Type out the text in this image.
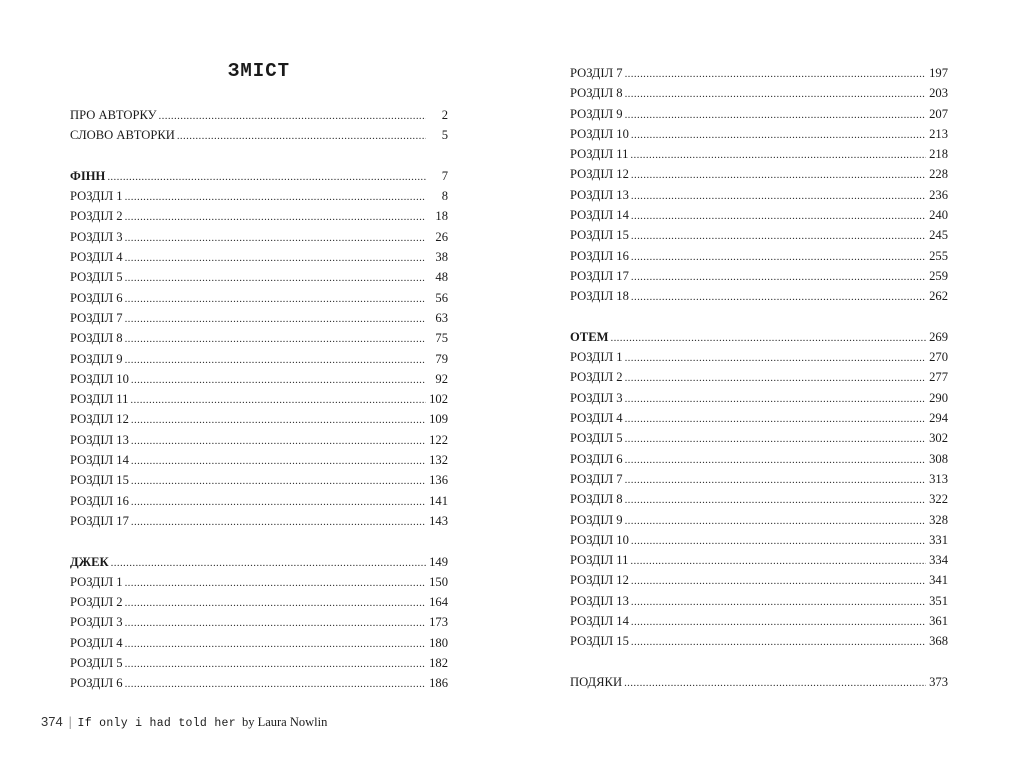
ЗМІСТ
ПРО АВТОРКУ . . .	2
СЛОВО АВТОРКИ . . .	5
ФІНН . . .	7
РОЗДІЛ 1 . . .	8
РОЗДІЛ 2 . . .	18
РОЗДІЛ 3 . . .	26
РОЗДІЛ 4 . . .	38
РОЗДІЛ 5 . . .	48
РОЗДІЛ 6 . . .	56
РОЗДІЛ 7 . . .	63
РОЗДІЛ 8 . . .	75
РОЗДІЛ 9 . . .	79
РОЗДІЛ 10 . . .	92
РОЗДІЛ 11 . . .	102
РОЗДІЛ 12 . . .	109
РОЗДІЛ 13 . . .	122
РОЗДІЛ 14 . . .	132
РОЗДІЛ 15 . . .	136
РОЗДІЛ 16 . . .	141
РОЗДІЛ 17 . . .	143
ДЖЕК . . .	149
РОЗДІЛ 1 . . .	150
РОЗДІЛ 2 . . .	164
РОЗДІЛ 3 . . .	173
РОЗДІЛ 4 . . .	180
РОЗДІЛ 5 . . .	182
РОЗДІЛ 6 . . .	186
РОЗДІЛ 7 . . .	197
РОЗДІЛ 8 . . .	203
РОЗДІЛ 9 . . .	207
РОЗДІЛ 10 . . .	213
РОЗДІЛ 11 . . .	218
РОЗДІЛ 12 . . .	228
РОЗДІЛ 13 . . .	236
РОЗДІЛ 14 . . .	240
РОЗДІЛ 15 . . .	245
РОЗДІЛ 16 . . .	255
РОЗДІЛ 17 . . .	259
РОЗДІЛ 18 . . .	262
ОТЕМ . . .	269
РОЗДІЛ 1 . . .	270
РОЗДІЛ 2 . . .	277
РОЗДІЛ 3 . . .	290
РОЗДІЛ 4 . . .	294
РОЗДІЛ 5 . . .	302
РОЗДІЛ 6 . . .	308
РОЗДІЛ 7 . . .	313
РОЗДІЛ 8 . . .	322
РОЗДІЛ 9 . . .	328
РОЗДІЛ 10 . . .	331
РОЗДІЛ 11 . . .	334
РОЗДІЛ 12 . . .	341
РОЗДІЛ 13 . . .	351
РОЗДІЛ 14 . . .	361
РОЗДІЛ 15 . . .	368
ПОДЯКИ . . .	373
374 | If only i had told her by Laura Nowlin
